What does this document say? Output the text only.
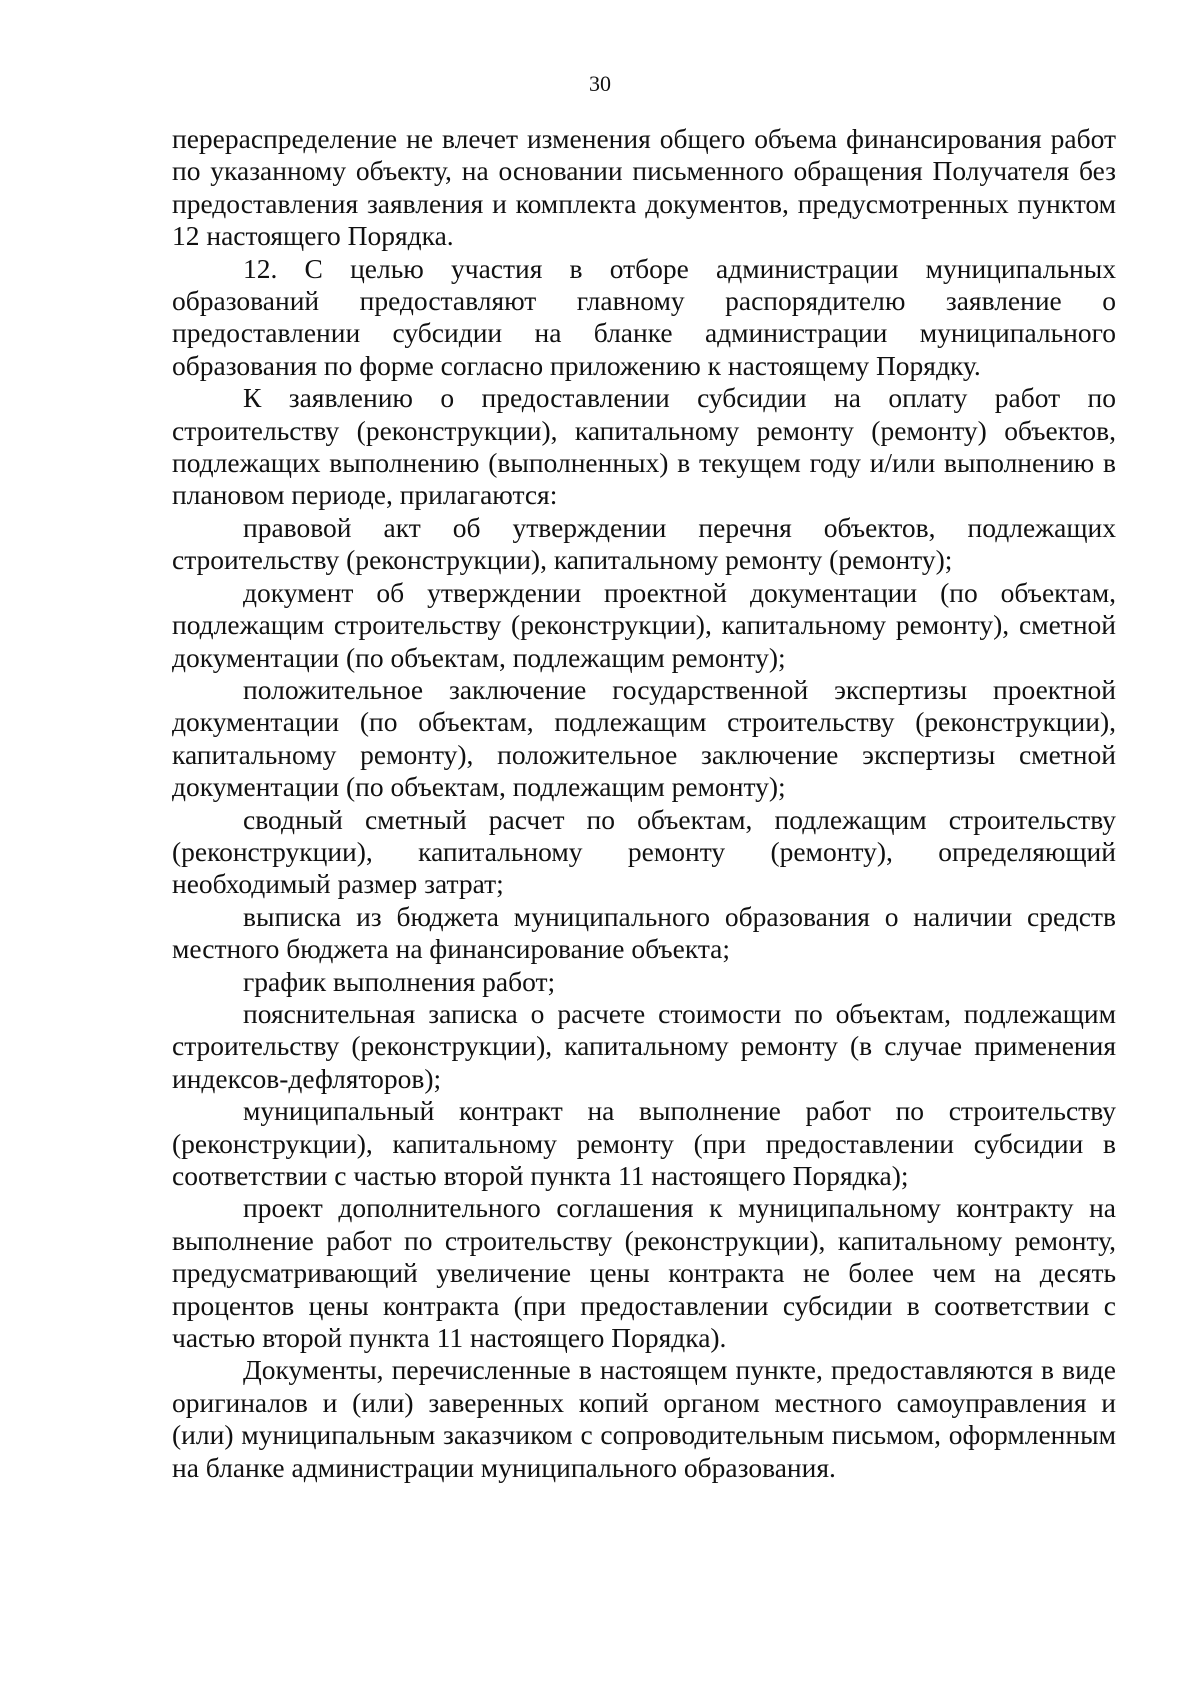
30

перераспределение не влечет изменения общего объема финансирования работ по указанному объекту, на основании письменного обращения Получателя без предоставления заявления и комплекта документов, предусмотренных пунктом 12 настоящего Порядка.

12. С целью участия в отборе администрации муниципальных образований предоставляют главному распорядителю заявление о предоставлении субсидии на бланке администрации муниципального образования по форме согласно приложению к настоящему Порядку.

К заявлению о предоставлении субсидии на оплату работ по строительству (реконструкции), капитальному ремонту (ремонту) объектов, подлежащих выполнению (выполненных) в текущем году и/или выполнению в плановом периоде, прилагаются:

правовой акт об утверждении перечня объектов, подлежащих строительству (реконструкции), капитальному ремонту (ремонту);

документ об утверждении проектной документации (по объектам, подлежащим строительству (реконструкции), капитальному ремонту), сметной документации (по объектам, подлежащим ремонту);

положительное заключение государственной экспертизы проектной документации (по объектам, подлежащим строительству (реконструкции), капитальному ремонту), положительное заключение экспертизы сметной документации (по объектам, подлежащим ремонту);

сводный сметный расчет по объектам, подлежащим строительству (реконструкции), капитальному ремонту (ремонту), определяющий необходимый размер затрат;

выписка из бюджета муниципального образования о наличии средств местного бюджета на финансирование объекта;

график выполнения работ;

пояснительная записка о расчете стоимости по объектам, подлежащим строительству (реконструкции), капитальному ремонту (в случае применения индексов-дефляторов);

муниципальный контракт на выполнение работ по строительству (реконструкции), капитальному ремонту (при предоставлении субсидии в соответствии с частью второй пункта 11 настоящего Порядка);

проект дополнительного соглашения к муниципальному контракту на выполнение работ по строительству (реконструкции), капитальному ремонту, предусматривающий увеличение цены контракта не более чем на десять процентов цены контракта (при предоставлении субсидии в соответствии с частью второй пункта 11 настоящего Порядка).

Документы, перечисленные в настоящем пункте, предоставляются в виде оригиналов и (или) заверенных копий органом местного самоуправления и (или) муниципальным заказчиком с сопроводительным письмом, оформленным на бланке администрации муниципального образования.
